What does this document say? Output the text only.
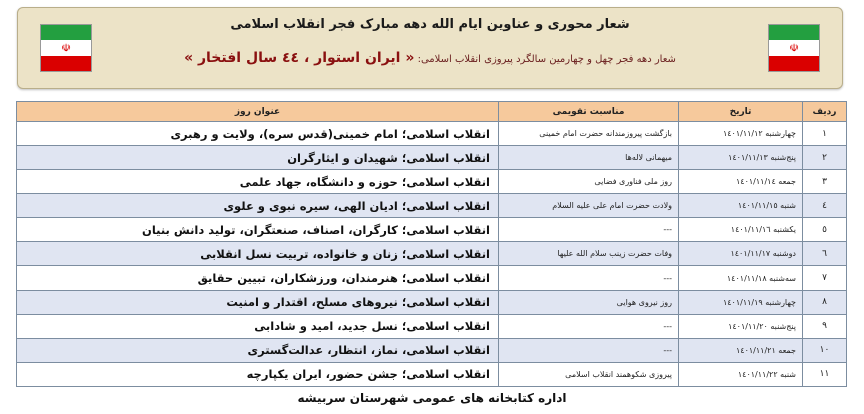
☫
شعار محوری و عناوین ایام الله دهه مبارک فجر انقلاب اسلامی
شعار دهه فجر چهل و چهارمین سالگرد پیروزی انقلاب اسلامی: « ایران استوار ، ٤٤ سال افتخار »
☫
ردیف	تاریخ	مناسبت تقویمی	عنوان روز
١	چهارشنبه ١٤٠١/١١/١٢	بازگشت پیروزمندانه حضرت امام خمینی	انقلاب اسلامی؛ امام خمینی(قدس سره)، ولایت و رهبری
٢	پنج‌شنبه ١٤٠١/١١/١٣	میهمانی لاله‌ها	انقلاب اسلامی؛ شهیدان و ایثارگران
٣	جمعه ١٤٠١/١١/١٤	روز ملی فناوری فضایی	انقلاب اسلامی؛ حوزه و دانشگاه، جهاد علمی
٤	شنبه ١٤٠١/١١/١٥	ولادت حضرت امام علی علیه السلام	انقلاب اسلامی؛ ادیان الهی، سیره نبوی و علوی
٥	یکشنبه ١٤٠١/١١/١٦	---	انقلاب اسلامی؛ کارگران، اصناف، صنعتگران، تولید دانش بنیان
٦	دوشنبه ١٤٠١/١١/١٧	وفات حضرت زینب سلام الله علیها	انقلاب اسلامی؛ زنان و خانواده، تربیت نسل انقلابی
٧	سه‌شنبه ١٤٠١/١١/١٨	---	انقلاب اسلامی؛ هنرمندان، ورزشکاران، تبیین حقایق
٨	چهارشنبه ١٤٠١/١١/١٩	روز نیروی هوایی	انقلاب اسلامی؛ نیروهای مسلح، اقتدار و امنیت
٩	پنج‌شنبه ١٤٠١/١١/٢٠	---	انقلاب اسلامی؛ نسل جدید، امید و شادابی
١٠	جمعه ١٤٠١/١١/٢١	---	انقلاب اسلامی، نماز، انتظار، عدالت‌گستری
١١	شنبه ١٤٠١/١١/٢٢	پیروزی شکوهمند انقلاب اسلامی	انقلاب اسلامی؛ جشن حضور، ایران یکپارچه
اداره کتابخانه های عمومی شهرستان سربیشه
